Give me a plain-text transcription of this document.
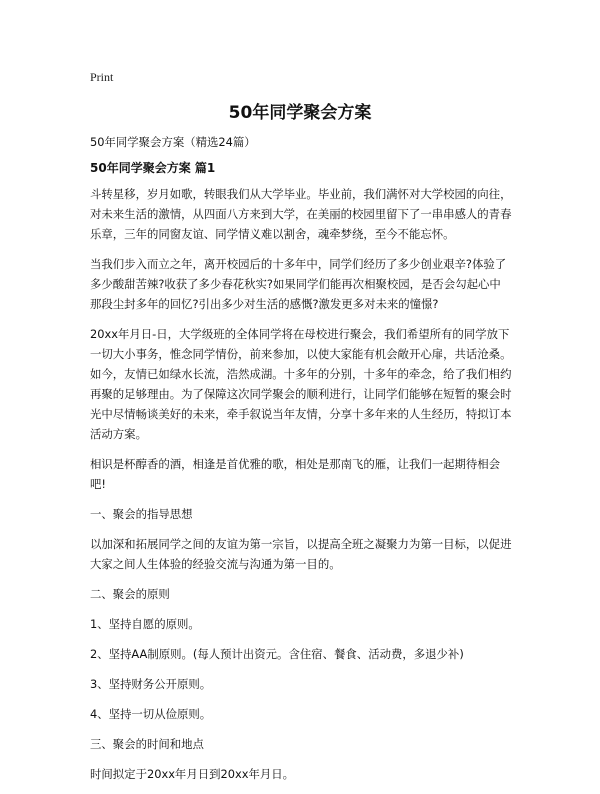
Print
50年同学聚会方案

50年同学聚会方案（精选24篇）

50年同学聚会方案 篇1

斗转星移，岁月如歌，转眼我们从大学毕业。毕业前，我们满怀对大学校园的向往，对未来生活的激情，从四面八方来到大学，在美丽的校园里留下了一串串感人的青春乐章，三年的同窗友谊、同学情义难以割舍，魂牵梦绕，至今不能忘怀。

当我们步入而立之年，离开校园后的十多年中，同学们经历了多少创业艰辛?体验了多少酸甜苦辣?收获了多少春花秋实?如果同学们能再次相聚校园，是否会勾起心中那段尘封多年的回忆?引出多少对生活的感慨?激发更多对未来的憧憬?

20xx年月日-日，大学级班的全体同学将在母校进行聚会，我们希望所有的同学放下一切大小事务，惟念同学情份，前来参加，以使大家能有机会敞开心扉，共话沧桑。如今，友情已如绿水长流，浩然成湖。十多年的分别，十多年的牵念，给了我们相约再聚的足够理由。为了保障这次同学聚会的顺利进行，让同学们能够在短暂的聚会时光中尽情畅谈美好的未来，牵手叙说当年友情，分享十多年来的人生经历，特拟订本活动方案。

相识是杯醇香的酒，相逢是首优雅的歌，相处是那南飞的雁，让我们一起期待相会吧!

一、聚会的指导思想

以加深和拓展同学之间的友谊为第一宗旨，以提高全班之凝聚力为第一目标，以促进大家之间人生体验的经验交流与沟通为第一目的。

二、聚会的原则

1、坚持自愿的原则。

2、坚持AA制原则。(每人预计出资元。含住宿、餐食、活动费，多退少补)

3、坚持财务公开原则。

4、坚持一切从俭原则。

三、聚会的时间和地点

时间拟定于20xx年月日到20xx年月日。
